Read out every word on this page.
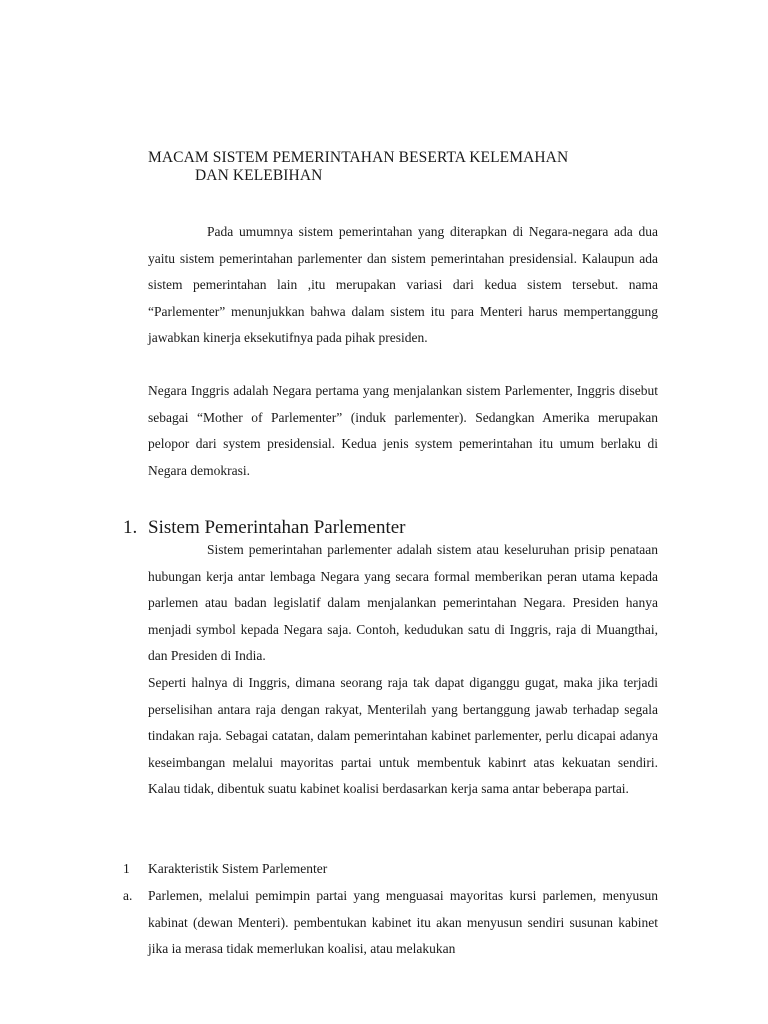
MACAM SISTEM PEMERINTAHAN BESERTA KELEMAHAN
DAN KELEBIHAN

Pada umumnya sistem pemerintahan yang diterapkan di Negara-negara ada dua yaitu sistem pemerintahan parlementer dan sistem pemerintahan presidensial. Kalaupun ada sistem pemerintahan lain ,itu merupakan variasi dari kedua sistem tersebut. nama “Parlementer” menunjukkan bahwa dalam sistem itu para Menteri harus mempertanggung jawabkan kinerja eksekutifnya pada pihak presiden.

Negara Inggris adalah Negara pertama yang menjalankan sistem Parlementer, Inggris disebut sebagai “Mother of Parlementer” (induk parlementer). Sedangkan Amerika merupakan pelopor dari system presidensial. Kedua jenis system pemerintahan itu umum berlaku di Negara demokrasi.

1. Sistem Pemerintahan Parlementer

Sistem pemerintahan parlementer adalah sistem atau keseluruhan prisip penataan hubungan kerja antar lembaga Negara yang secara formal memberikan peran utama kepada parlemen atau badan legislatif dalam menjalankan pemerintahan Negara. Presiden hanya menjadi symbol kepada Negara saja. Contoh, kedudukan satu di Inggris, raja di Muangthai, dan Presiden di India.

Seperti halnya di Inggris, dimana seorang raja tak dapat diganggu gugat, maka jika terjadi perselisihan antara raja dengan rakyat, Menterilah yang bertanggung jawab terhadap segala tindakan raja. Sebagai catatan, dalam pemerintahan kabinet parlementer, perlu dicapai adanya keseimbangan melalui mayoritas partai untuk membentuk kabinrt atas kekuatan sendiri. Kalau tidak, dibentuk suatu kabinet koalisi berdasarkan kerja sama antar beberapa partai.

1 Karakteristik Sistem Parlementer
a.	Parlemen, melalui pemimpin partai yang menguasai mayoritas kursi parlemen, menyusun kabinat (dewan Menteri). pembentukan kabinet itu akan menyusun sendiri susunan kabinet jika ia merasa tidak memerlukan koalisi, atau melakukan
